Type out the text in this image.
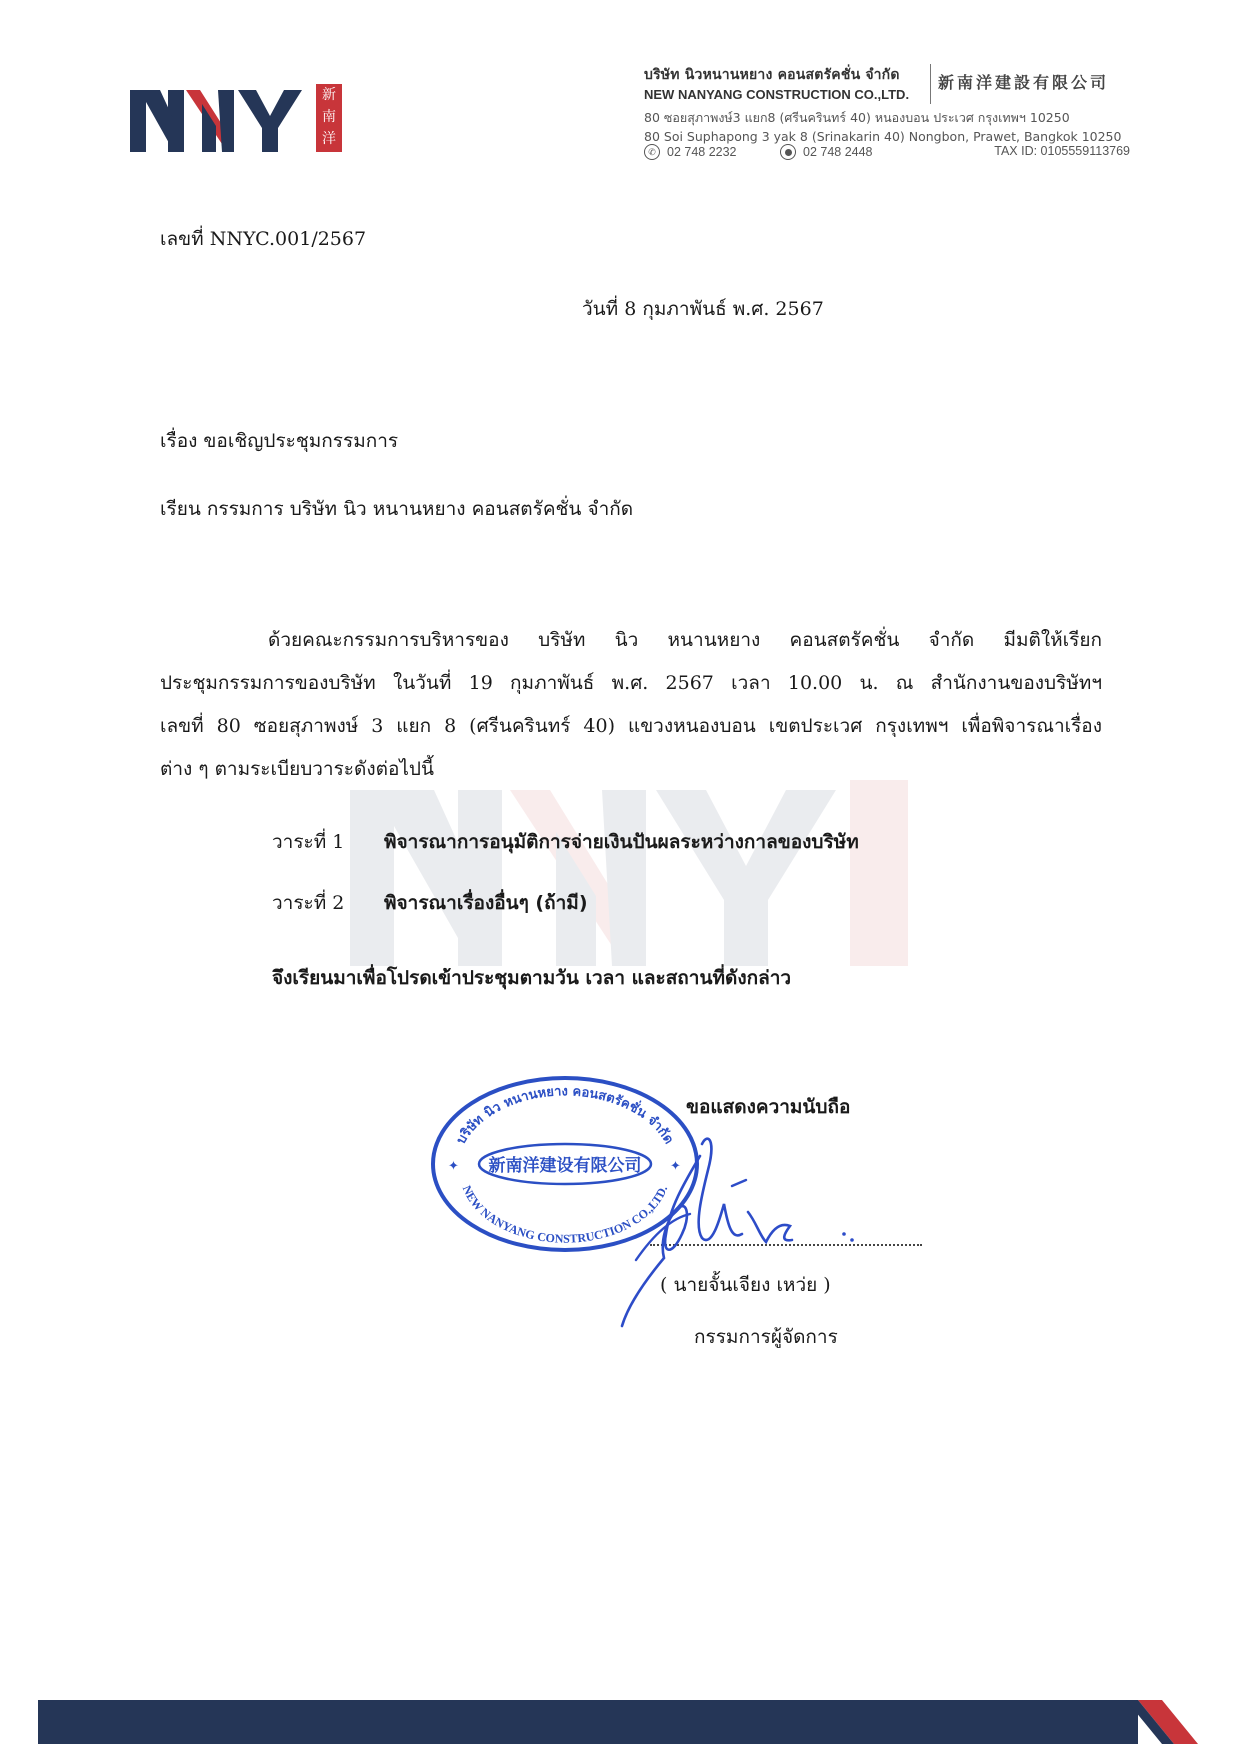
新南洋
新南洋建設有限公司
บริษัท นิวหนานหยาง คอนสตรัคชั่น จำกัด
NEW NANYANG CONSTRUCTION CO.,LTD.
80 ซอยสุภาพงษ์3 แยก8 (ศรีนครินทร์ 40) หนองบอน ประเวศ กรุงเทพฯ 10250
80 Soi Suphapong 3 yak 8 (Srinakarin 40) Nongbon, Prawet, Bangkok 10250
✆ 02 748 2232	02 748 2448	TAX ID: 0105559113769
เลขที่ NNYC.001/2567
วันที่ 8 กุมภาพันธ์ พ.ศ. 2567
เรื่อง ขอเชิญประชุมกรรมการ
เรียน กรรมการ บริษัท นิว หนานหยาง คอนสตรัคชั่น จำกัด
ด้วยคณะกรรมการบริหารของ บริษัท นิว หนานหยาง คอนสตรัคชั่น จำกัด มีมติให้เรียก
ประชุมกรรมการของบริษัท ในวันที่ 19 กุมภาพันธ์ พ.ศ. 2567 เวลา 10.00 น. ณ สำนักงานของบริษัทฯ
เลขที่ 80 ซอยสุภาพงษ์ 3 แยก 8 (ศรีนครินทร์ 40) แขวงหนองบอน เขตประเวศ กรุงเทพฯ เพื่อพิจารณาเรื่อง
ต่าง ๆ ตามระเบียบวาระดังต่อไปนี้
วาระที่ 1 พิจารณาการอนุมัติการจ่ายเงินปันผลระหว่างกาลของบริษัท
วาระที่ 2 พิจารณาเรื่องอื่นๆ (ถ้ามี)
จึงเรียนมาเพื่อโปรดเข้าประชุมตามวัน เวลา และสถานที่ดังกล่าว
ขอแสดงความนับถือ
บริษัท นิว หนานหยาง คอนสตรัคชั่น จำกัด
NEW NANYANG CONSTRUCTION CO.,LTD.
新南洋建设有限公司
✦	✦
( นายจั้นเจียง เหว่ย )
กรรมการผู้จัดการ
